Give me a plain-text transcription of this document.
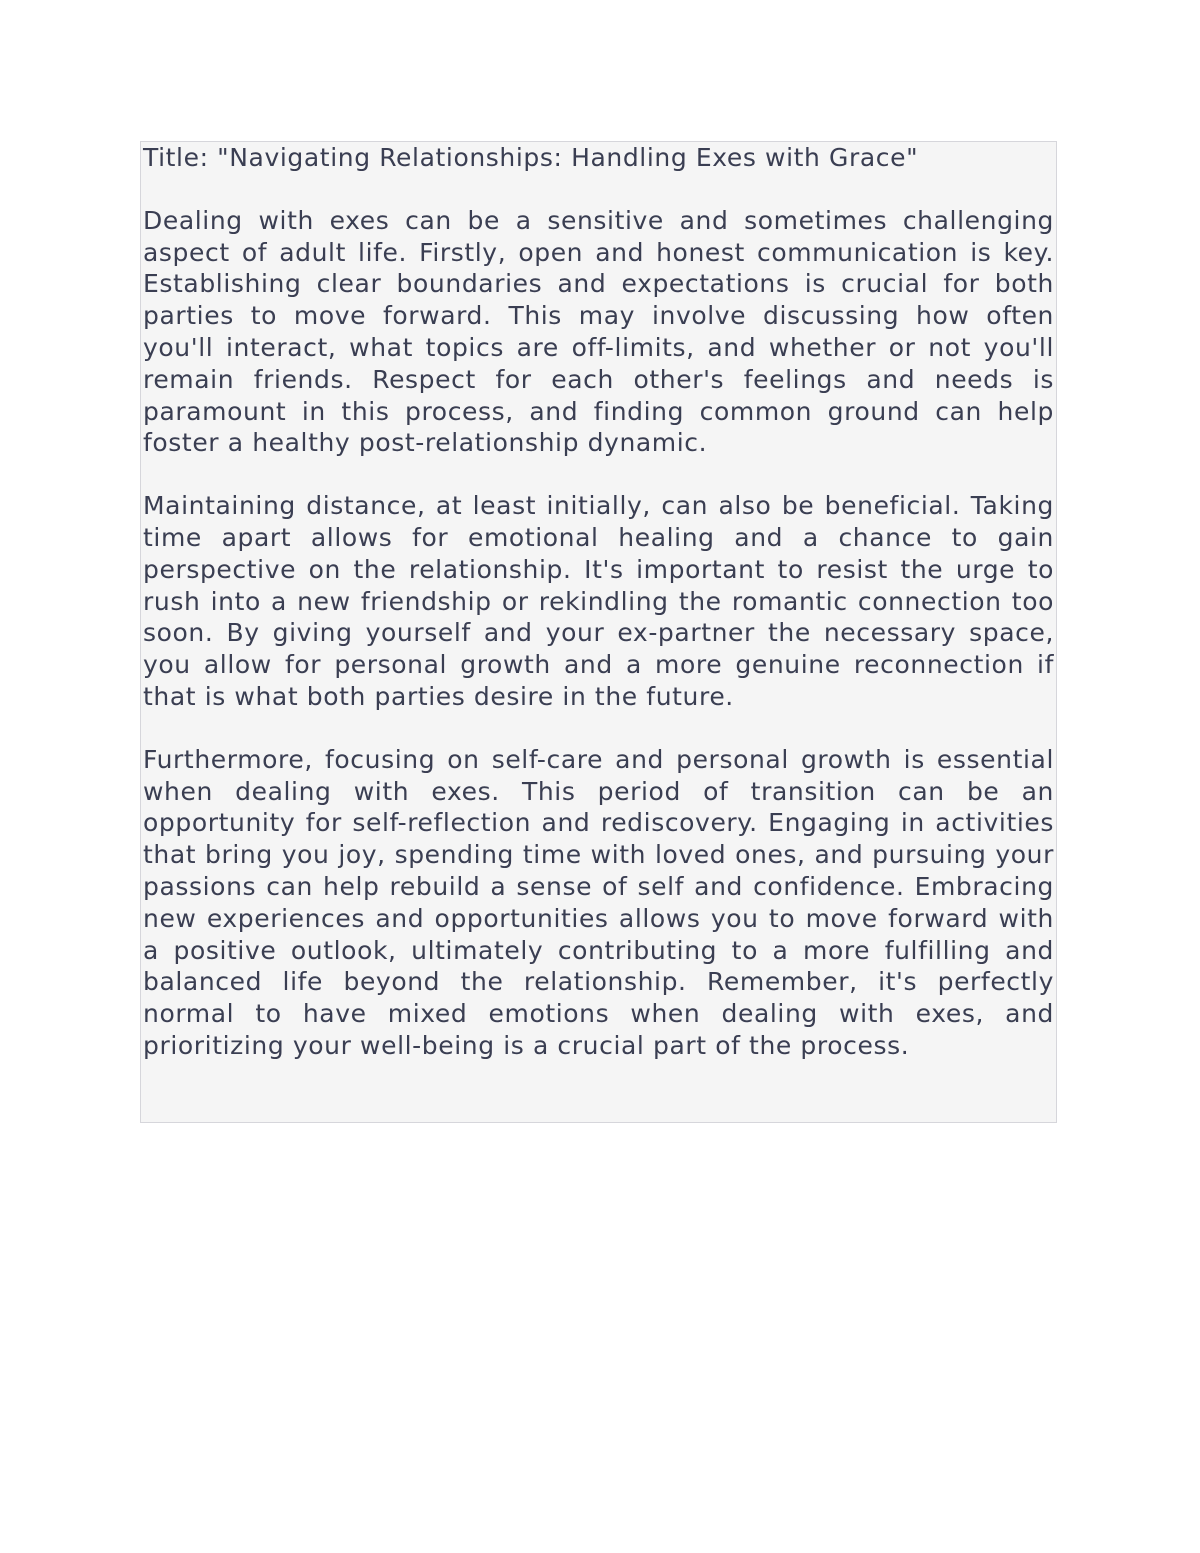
Title: "Navigating Relationships: Handling Exes with Grace"

Dealing with exes can be a sensitive and sometimes challenging aspect of adult life. Firstly, open and honest communication is key. Establishing clear boundaries and expectations is crucial for both parties to move forward. This may involve discussing how often you'll interact, what topics are off-limits, and whether or not you'll remain friends. Respect for each other's feelings and needs is paramount in this process, and finding common ground can help foster a healthy post-relationship dynamic.

Maintaining distance, at least initially, can also be beneficial. Taking time apart allows for emotional healing and a chance to gain perspective on the relationship. It's important to resist the urge to rush into a new friendship or rekindling the romantic connection too soon. By giving yourself and your ex-partner the necessary space, you allow for personal growth and a more genuine reconnection if that is what both parties desire in the future.

Furthermore, focusing on self-care and personal growth is essential when dealing with exes. This period of transition can be an opportunity for self-reflection and rediscovery. Engaging in activities that bring you joy, spending time with loved ones, and pursuing your passions can help rebuild a sense of self and confidence. Embracing new experiences and opportunities allows you to move forward with a positive outlook, ultimately contributing to a more fulfilling and balanced life beyond the relationship. Remember, it's perfectly normal to have mixed emotions when dealing with exes, and prioritizing your well-being is a crucial part of the process.
